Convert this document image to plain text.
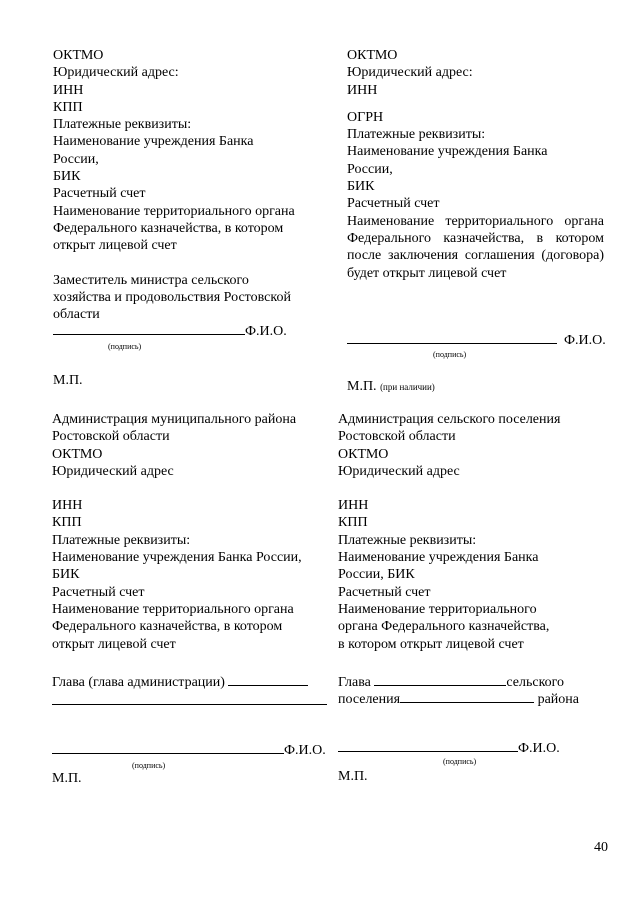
ОКТМО
Юридический адрес:
ИНН
КПП
Платежные реквизиты:
Наименование учреждения Банка
России,
БИК
Расчетный счет
Наименование территориального органа
Федерального казначейства, в котором
открыт лицевой счет
Заместитель министра сельского
хозяйства и продовольствия Ростовской
области
Ф.И.О.
(подпись)
М.П.
ОКТМО
Юридический адрес:
ИНН
ОГРН
Платежные реквизиты:
Наименование учреждения Банка
России,
БИК
Расчетный счет
Наименование территориального органа Федерального казначейства, в котором после заключения соглашения (договора) будет открыт лицевой счет
Ф.И.О.
(подпись)
М.П. (при наличии)
Администрация муниципального района
Ростовской области
ОКТМО
Юридический адрес
ИНН
КПП
Платежные реквизиты:
Наименование учреждения Банка России,
БИК
Расчетный счет
Наименование территориального органа
Федерального казначейства, в котором
открыт лицевой счет
Глава (глава администрации)
Ф.И.О.
(подпись)
М.П.
Администрация сельского поселения
Ростовской области
ОКТМО
Юридический адрес
ИНН
КПП
Платежные реквизиты:
Наименование учреждения Банка
России, БИК
Расчетный счет
Наименование территориального
органа Федерального казначейства,
в котором открыт лицевой счет
Глава	сельского
поселения	района
Ф.И.О.
(подпись)
М.П.
40
